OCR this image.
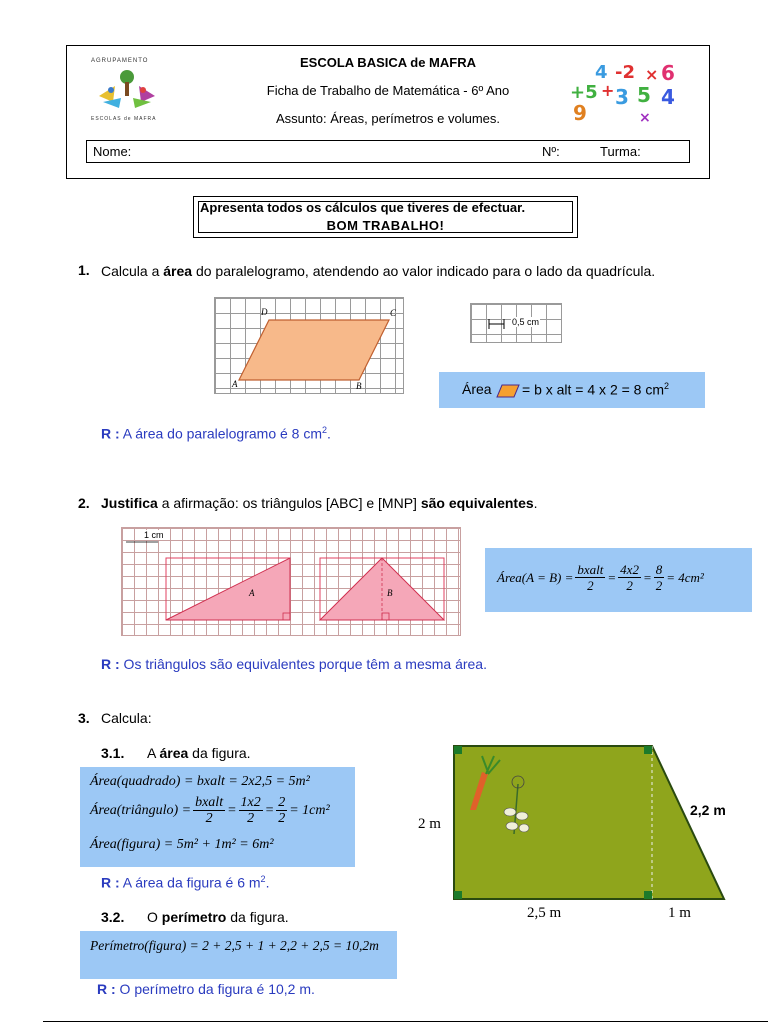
AGRUPAMENTO
ESCOLAS de MAFRA
ESCOLA BASICA de MAFRA
Ficha de Trabalho de Matemática - 6º Ano
Assunto: Áreas, perímetros e volumes.
4 -2 × 6
+5 + 3 5 4
9	×
Nome:	Nº:	Turma:
Apresenta todos os cálculos que tiveres de efectuar.
BOM TRABALHO!
1. Calcula a área do paralelogramo, atendendo ao valor indicado para o lado da quadrícula.
D	C
A	B
0,5 cm
Área = b x alt = 4 x 2 = 8 $cm^2$
R : A área do paralelogramo é 8 $cm^2$.
2. Justifica a afirmação: os triângulos [ABC] e [MNP] são equivalentes.
1 cm
A	B
Área(A = $B) = \frac{\text{bxalt}}{2} = \frac{4x2}{2} = \frac{8}{2} = 4cm^2$
R : Os triângulos são equivalentes porque têm a mesma área.
3. Calcula:
3.1. A área da figura.
Área(quadrado) = bxalt = 2x2,5 = 5m²
Área(triângulo) = $\frac{\text{bxalt}}{2} = \frac{1x2}{2} = \frac{2}{2} = 1cm^2$
Área(figura) = 5m² + 1m² = 6m²
R : A área da figura é 6 $m^2$.
3.2. O perímetro da figura.
Perímetro(figura) = 2 + 2,5 + 1 + 2,2 + 2,5 = 10,2m
R : O perímetro da figura é 10,2 m.
2 m
2,2 m
2,5 m	1 m
